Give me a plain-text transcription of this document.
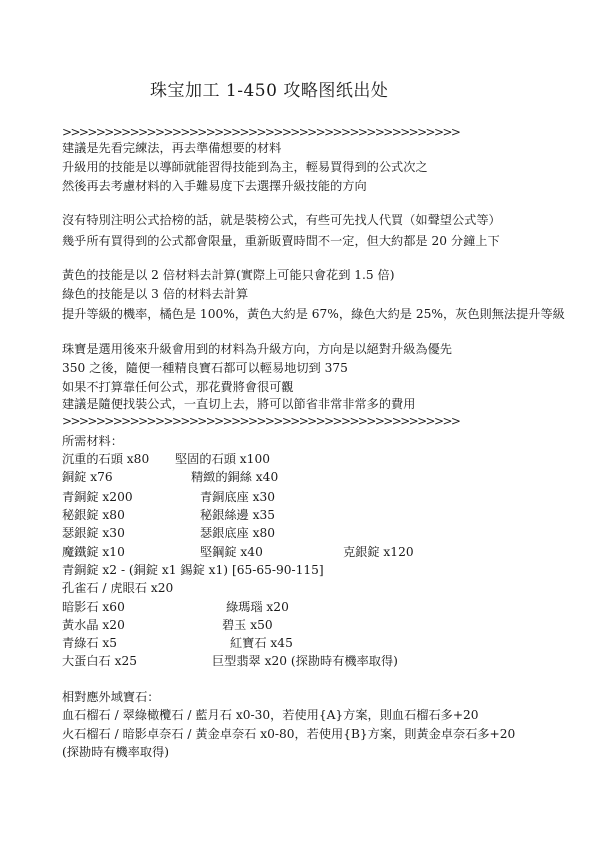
珠宝加工 1-450 攻略图纸出处
>>>>>>>>>>>>>>>>>>>>>>>>>>>>>>>>>>>>>>>>>>>>>>>
建議是先看完練法，再去準備想要的材料
升級用的技能是以導師就能習得技能到為主，輕易買得到的公式次之
然後再去考慮材料的入手難易度下去選擇升級技能的方向
沒有特別注明公式拾榜的話，就是裝榜公式，有些可先找人代買（如聲望公式等）
幾乎所有買得到的公式都會限量，重新販賣時間不一定，但大約都是 20 分鐘上下
黃色的技能是以 2 倍材料去計算(實際上可能只會花到 1.5 倍)
綠色的技能是以 3 倍的材料去計算
提升等級的機率，橘色是 100%，黃色大約是 67%，綠色大約是 25%，灰色則無法提升等級
珠寶是選用後來升級會用到的材料為升級方向，方向是以絕對升級為優先
350 之後，隨便一種精良寶石都可以輕易地切到 375
如果不打算靠任何公式，那花費將會很可觀
建議是隨便找裝公式，一直切上去，將可以節省非常非常多的費用
>>>>>>>>>>>>>>>>>>>>>>>>>>>>>>>>>>>>>>>>>>>>>>>
所需材料：
沉重的石頭 x80 堅固的石頭 x100
銅錠 x76	精緻的銅絲 x40
青銅錠 x200	青銅底座 x30
秘銀錠 x80	秘銀絲邊 x35
瑟銀錠 x30	瑟銀底座 x80
魔鐵錠 x10	堅鋼錠 x40	克銀錠 x120
青銅錠 x2 - (銅錠 x1 錫錠 x1) [65-65-90-115]
孔雀石 / 虎眼石 x20
暗影石 x60	綠瑪瑙 x20
黃水晶 x20	碧玉 x50
青綠石 x5	紅寶石 x45
大蛋白石 x25	巨型翡翠 x20 (探勘時有機率取得)
相對應外域寶石：
血石榴石 / 翠綠橄欖石 / 藍月石 x0-30，若使用{A}方案，則血石榴石多+20
火石榴石 / 暗影卓奈石 / 黃金卓奈石 x0-80，若使用{B}方案，則黃金卓奈石多+20
(探勘時有機率取得)
